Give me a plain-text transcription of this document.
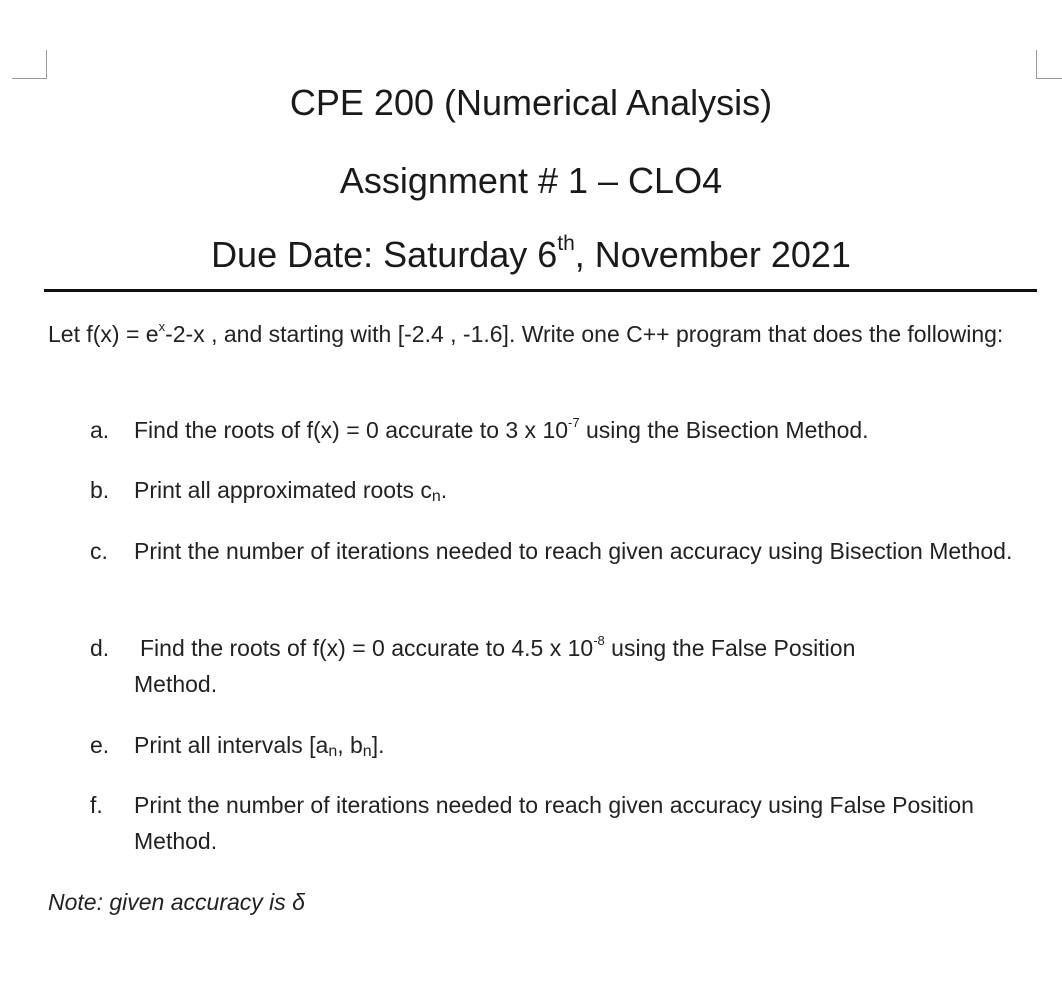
CPE 200 (Numerical Analysis)
Assignment # 1 – CLO4
Due Date: Saturday 6th, November 2021
Let $f(x) = e^x-2-x$ , and starting with [-2.4 , -1.6]. Write one C++ program that does the following:
a.	Find the roots of f(x) = 0 accurate to 3 x $10^{-7}$ using the Bisection Method.
b.	Print all approximated roots cn.
c.	Print the number of iterations needed to reach given accuracy using Bisection Method.
d.	Find the roots of f(x) = 0 accurate to 4.5 x $10^{-8}$ using the False Position
Method.
e.	Print all intervals [an, bn].
f.	Print the number of iterations needed to reach given accuracy using False Position Method.
Note: given accuracy is δ
